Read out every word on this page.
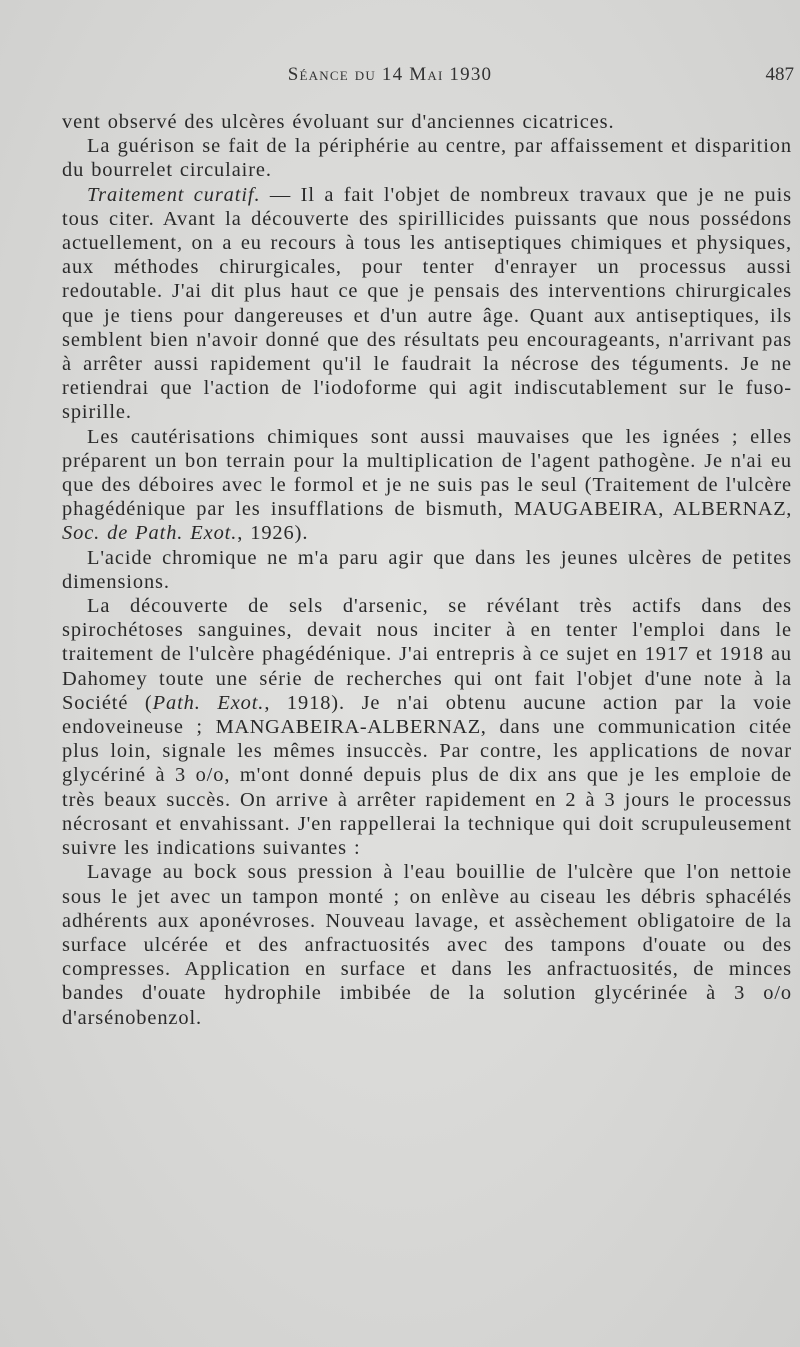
Séance du 14 Mai 1930	487

vent observé des ulcères évoluant sur d'anciennes cicatrices.

La guérison se fait de la périphérie au centre, par affaissement et disparition du bourrelet circulaire.

Traitement curatif. — Il a fait l'objet de nombreux travaux que je ne puis tous citer. Avant la découverte des spirillicides puissants que nous possédons actuellement, on a eu recours à tous les antiseptiques chimiques et physiques, aux méthodes chirurgicales, pour tenter d'enrayer un processus aussi redoutable. J'ai dit plus haut ce que je pensais des interventions chirurgicales que je tiens pour dangereuses et d'un autre âge. Quant aux antiseptiques, ils semblent bien n'avoir donné que des résultats peu encourageants, n'arrivant pas à arrêter aussi rapidement qu'il le faudrait la nécrose des téguments. Je ne retiendrai que l'action de l'iodoforme qui agit indiscutablement sur le fuso-spirille.

Les cautérisations chimiques sont aussi mauvaises que les ignées ; elles préparent un bon terrain pour la multiplication de l'agent pathogène. Je n'ai eu que des déboires avec le formol et je ne suis pas le seul (Traitement de l'ulcère phagédénique par les insufflations de bismuth, MAUGABEIRA, ALBERNAZ, Soc. de Path. Exot., 1926).

L'acide chromique ne m'a paru agir que dans les jeunes ulcères de petites dimensions.

La découverte de sels d'arsenic, se révélant très actifs dans des spirochétoses sanguines, devait nous inciter à en tenter l'emploi dans le traitement de l'ulcère phagédénique. J'ai entrepris à ce sujet en 1917 et 1918 au Dahomey toute une série de recherches qui ont fait l'objet d'une note à la Société (Path. Exot., 1918). Je n'ai obtenu aucune action par la voie endoveineuse ; MANGABEIRA-ALBERNAZ, dans une communication citée plus loin, signale les mêmes insuccès. Par contre, les applications de novar glycériné à 3 o/o, m'ont donné depuis plus de dix ans que je les emploie de très beaux succès. On arrive à arrêter rapidement en 2 à 3 jours le processus nécrosant et envahissant. J'en rappellerai la technique qui doit scrupuleusement suivre les indications suivantes :

Lavage au bock sous pression à l'eau bouillie de l'ulcère que l'on nettoie sous le jet avec un tampon monté ; on enlève au ciseau les débris sphacélés adhérents aux aponévroses. Nouveau lavage, et assèchement obligatoire de la surface ulcérée et des anfractuosités avec des tampons d'ouate ou des compresses. Application en surface et dans les anfractuosités, de minces bandes d'ouate hydrophile imbibée de la solution glycérinée à 3 o/o d'arsénobenzol.
